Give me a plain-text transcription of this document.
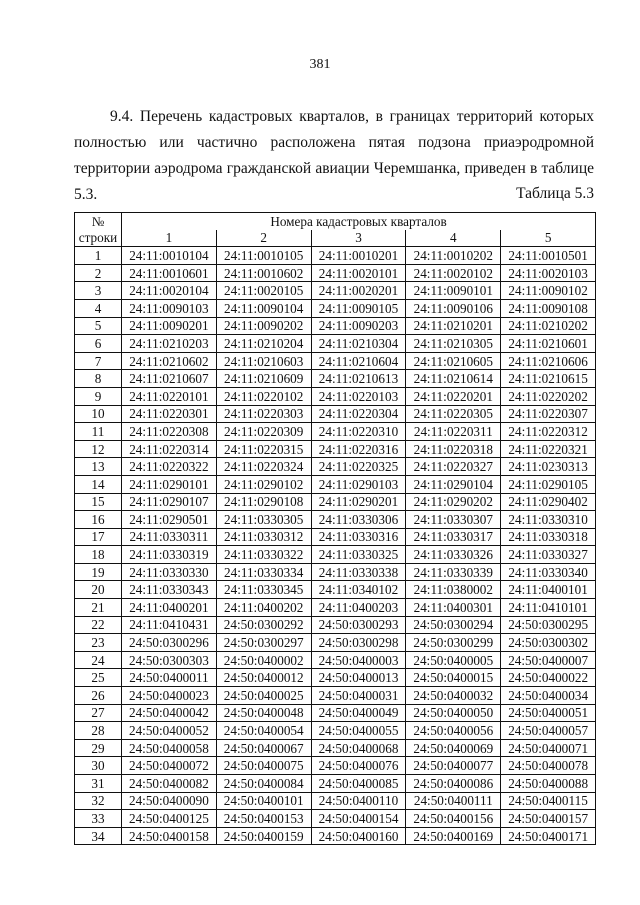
381

9.4. Перечень кадастровых кварталов, в границах территорий которых полностью или частично расположена пятая подзона приаэродромной территории аэродрома гражданской авиации Черемшанка, приведен в таблице 5.3.	Таблица 5.3
№	Номера кадастровых кварталов				
строки	1	2	3	4	5
1	24:11:0010104	24:11:0010105	24:11:0010201	24:11:0010202	24:11:0010501
2	24:11:0010601	24:11:0010602	24:11:0020101	24:11:0020102	24:11:0020103
3	24:11:0020104	24:11:0020105	24:11:0020201	24:11:0090101	24:11:0090102
4	24:11:0090103	24:11:0090104	24:11:0090105	24:11:0090106	24:11:0090108
5	24:11:0090201	24:11:0090202	24:11:0090203	24:11:0210201	24:11:0210202
6	24:11:0210203	24:11:0210204	24:11:0210304	24:11:0210305	24:11:0210601
7	24:11:0210602	24:11:0210603	24:11:0210604	24:11:0210605	24:11:0210606
8	24:11:0210607	24:11:0210609	24:11:0210613	24:11:0210614	24:11:0210615
9	24:11:0220101	24:11:0220102	24:11:0220103	24:11:0220201	24:11:0220202
10	24:11:0220301	24:11:0220303	24:11:0220304	24:11:0220305	24:11:0220307
11	24:11:0220308	24:11:0220309	24:11:0220310	24:11:0220311	24:11:0220312
12	24:11:0220314	24:11:0220315	24:11:0220316	24:11:0220318	24:11:0220321
13	24:11:0220322	24:11:0220324	24:11:0220325	24:11:0220327	24:11:0230313
14	24:11:0290101	24:11:0290102	24:11:0290103	24:11:0290104	24:11:0290105
15	24:11:0290107	24:11:0290108	24:11:0290201	24:11:0290202	24:11:0290402
16	24:11:0290501	24:11:0330305	24:11:0330306	24:11:0330307	24:11:0330310
17	24:11:0330311	24:11:0330312	24:11:0330316	24:11:0330317	24:11:0330318
18	24:11:0330319	24:11:0330322	24:11:0330325	24:11:0330326	24:11:0330327
19	24:11:0330330	24:11:0330334	24:11:0330338	24:11:0330339	24:11:0330340
20	24:11:0330343	24:11:0330345	24:11:0340102	24:11:0380002	24:11:0400101
21	24:11:0400201	24:11:0400202	24:11:0400203	24:11:0400301	24:11:0410101
22	24:11:0410431	24:50:0300292	24:50:0300293	24:50:0300294	24:50:0300295
23	24:50:0300296	24:50:0300297	24:50:0300298	24:50:0300299	24:50:0300302
24	24:50:0300303	24:50:0400002	24:50:0400003	24:50:0400005	24:50:0400007
25	24:50:0400011	24:50:0400012	24:50:0400013	24:50:0400015	24:50:0400022
26	24:50:0400023	24:50:0400025	24:50:0400031	24:50:0400032	24:50:0400034
27	24:50:0400042	24:50:0400048	24:50:0400049	24:50:0400050	24:50:0400051
28	24:50:0400052	24:50:0400054	24:50:0400055	24:50:0400056	24:50:0400057
29	24:50:0400058	24:50:0400067	24:50:0400068	24:50:0400069	24:50:0400071
30	24:50:0400072	24:50:0400075	24:50:0400076	24:50:0400077	24:50:0400078
31	24:50:0400082	24:50:0400084	24:50:0400085	24:50:0400086	24:50:0400088
32	24:50:0400090	24:50:0400101	24:50:0400110	24:50:0400111	24:50:0400115
33	24:50:0400125	24:50:0400153	24:50:0400154	24:50:0400156	24:50:0400157
34	24:50:0400158	24:50:0400159	24:50:0400160	24:50:0400169	24:50:0400171
